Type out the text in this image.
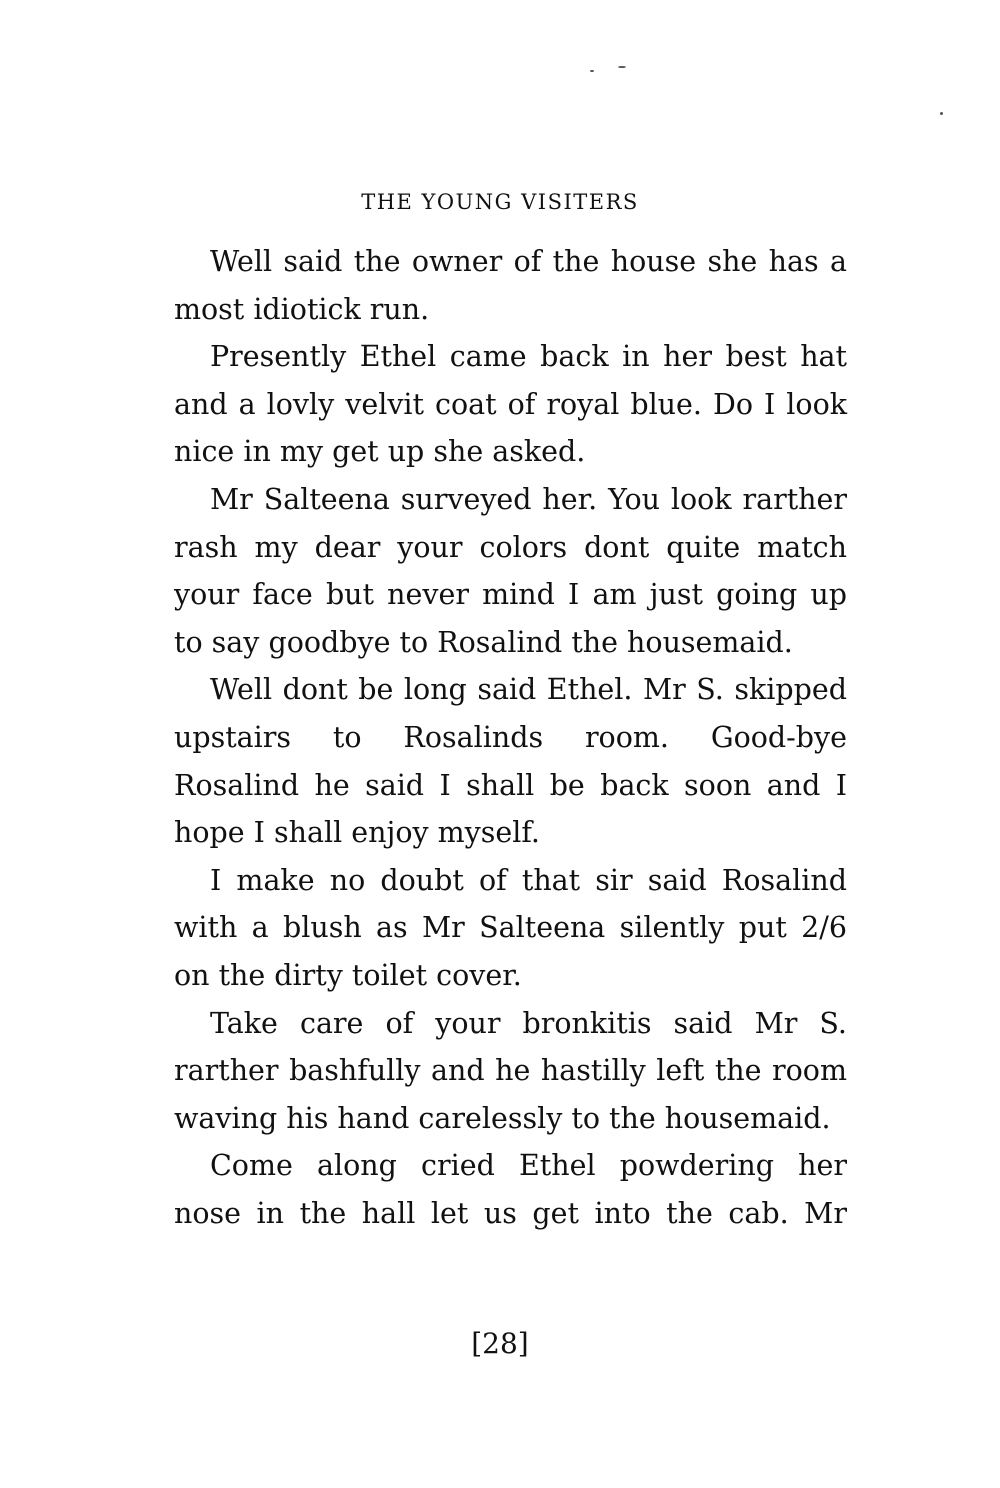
THE YOUNG VISITERS

Well said the owner of the house she has a most idiotick run.

Presently Ethel came back in her best hat and a lovly velvit coat of royal blue. Do I look nice in my get up she asked.

Mr Salteena surveyed her. You look rarther rash my dear your colors dont quite match your face but never mind I am just going up to say goodbye to Rosalind the housemaid.

Well dont be long said Ethel. Mr S. skipped upstairs to Rosalinds room. Good-bye Rosalind he said I shall be back soon and I hope I shall enjoy myself.

I make no doubt of that sir said Rosalind with a blush as Mr Salteena silently put 2/6 on the dirty toilet cover.

Take care of your bronkitis said Mr S. rarther bashfully and he hastilly left the room waving his hand carelessly to the housemaid.

Come along cried Ethel powdering her nose in the hall let us get into the cab. Mr

[28]
